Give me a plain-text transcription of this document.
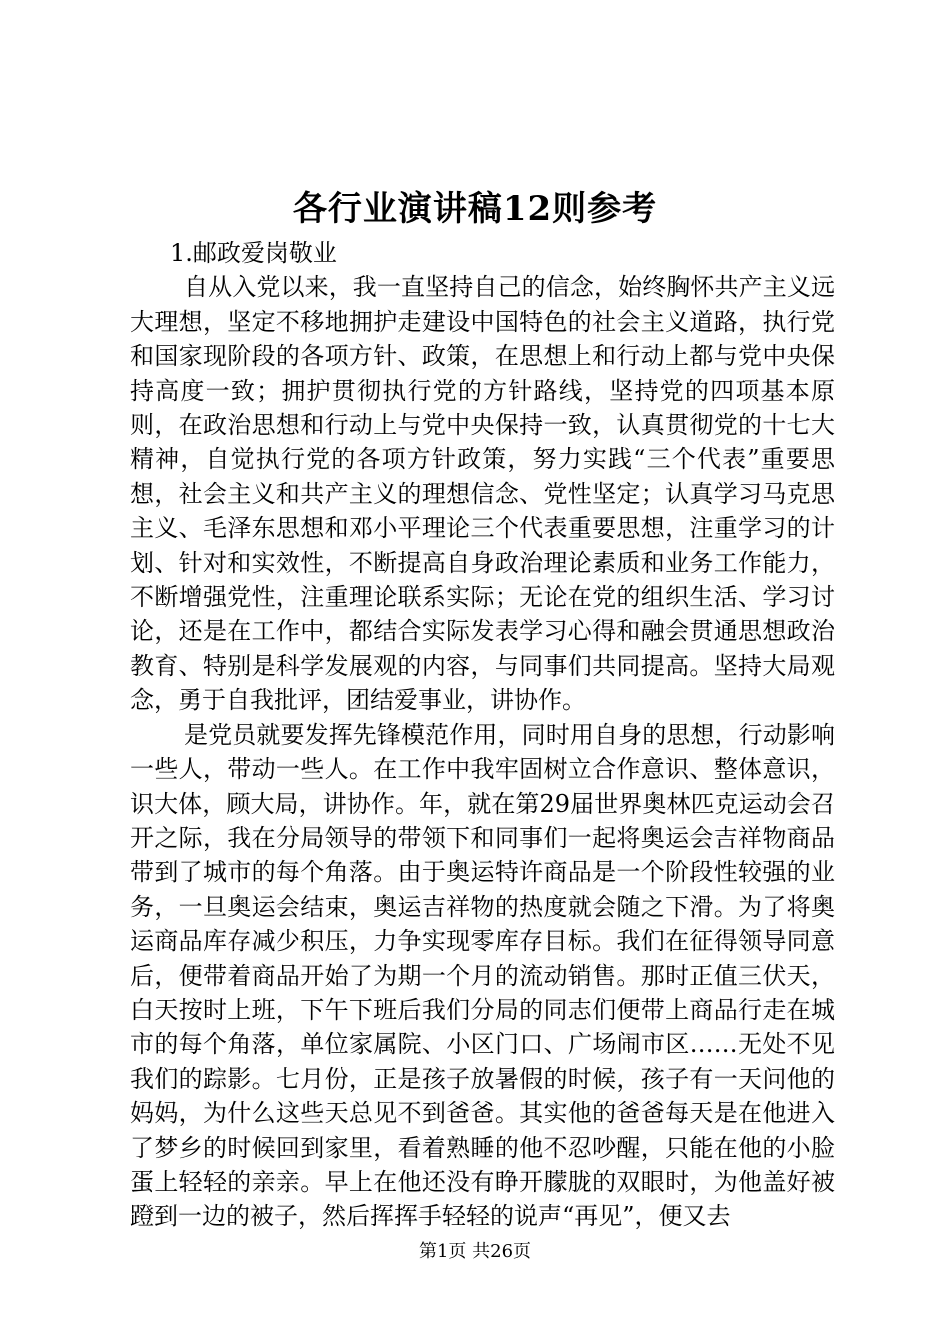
各行业演讲稿12则参考

1.邮政爱岗敬业

自从入党以来，我一直坚持自己的信念，始终胸怀共产主义远大理想，坚定不移地拥护走建设中国特色的社会主义道路，执行党和国家现阶段的各项方针、政策，在思想上和行动上都与党中央保持高度一致；拥护贯彻执行党的方针路线，坚持党的四项基本原则，在政治思想和行动上与党中央保持一致，认真贯彻党的十七大精神，自觉执行党的各项方针政策，努力实践“三个代表”重要思想，社会主义和共产主义的理想信念、党性坚定；认真学习马克思主义、毛泽东思想和邓小平理论三个代表重要思想，注重学习的计划、针对和实效性，不断提高自身政治理论素质和业务工作能力，不断增强党性，注重理论联系实际；无论在党的组织生活、学习讨论，还是在工作中，都结合实际发表学习心得和融会贯通思想政治教育、特别是科学发展观的内容，与同事们共同提高。坚持大局观念，勇于自我批评，团结爱事业，讲协作。

是党员就要发挥先锋模范作用，同时用自身的思想，行动影响一些人，带动一些人。在工作中我牢固树立合作意识、整体意识，识大体，顾大局，讲协作。年，就在第29届世界奥林匹克运动会召开之际，我在分局领导的带领下和同事们一起将奥运会吉祥物商品带到了城市的每个角落。由于奥运特许商品是一个阶段性较强的业务，一旦奥运会结束，奥运吉祥物的热度就会随之下滑。为了将奥运商品库存减少积压，力争实现零库存目标。我们在征得领导同意后，便带着商品开始了为期一个月的流动销售。那时正值三伏天，白天按时上班，下午下班后我们分局的同志们便带上商品行走在城市的每个角落，单位家属院、小区门口、广场闹市区……无处不见我们的踪影。七月份，正是孩子放暑假的时候，孩子有一天问他的妈妈，为什么这些天总见不到爸爸。其实他的爸爸每天是在他进入了梦乡的时候回到家里，看着熟睡的他不忍吵醒，只能在他的小脸蛋上轻轻的亲亲。早上在他还没有睁开朦胧的双眼时，为他盖好被蹬到一边的被子，然后挥挥手轻轻的说声“再见”，便又去

第1页 共26页
